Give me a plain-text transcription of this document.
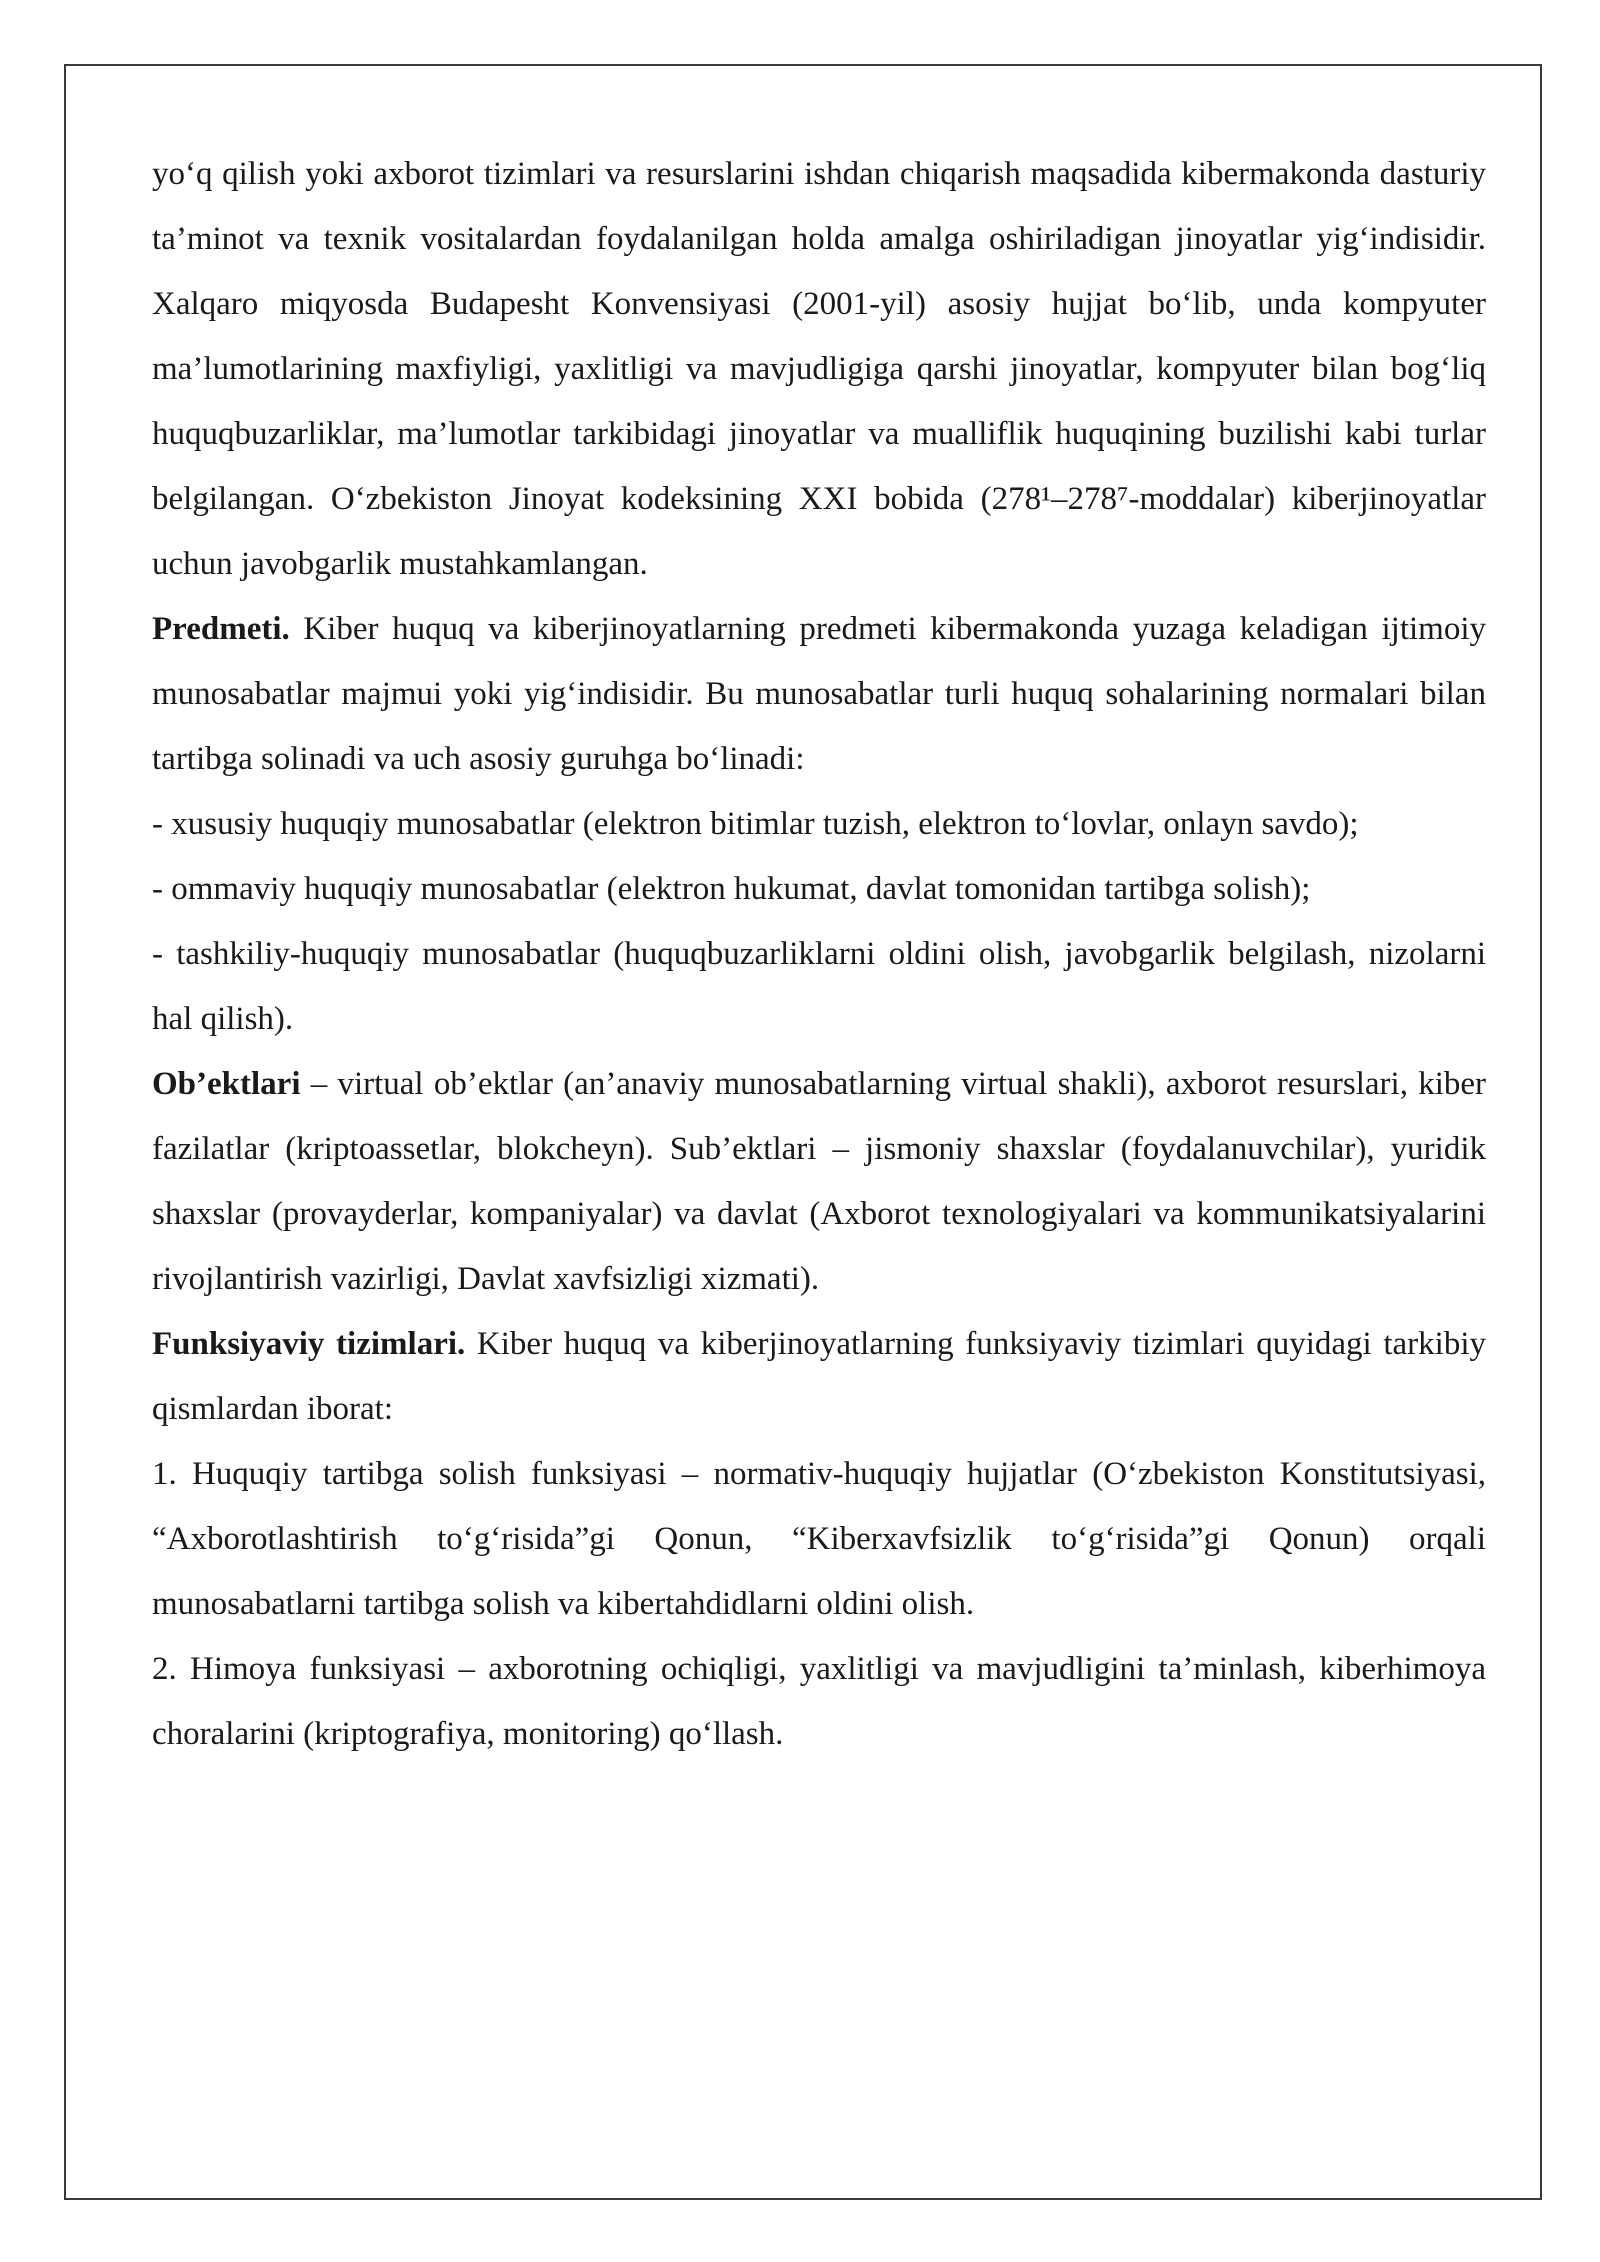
yo‘q qilish yoki axborot tizimlari va resurslarini ishdan chiqarish maqsadida kibermakonda dasturiy ta’minot va texnik vositalardan foydalanilgan holda amalga oshiriladigan jinoyatlar yig‘indisidir. Xalqaro miqyosda Budapesht Konvensiyasi (2001-yil) asosiy hujjat bo‘lib, unda kompyuter ma’lumotlarining maxfiyligi, yaxlitligi va mavjudligiga qarshi jinoyatlar, kompyuter bilan bog‘liq huquqbuzarliklar, ma’lumotlar tarkibidagi jinoyatlar va mualliflik huquqining buzilishi kabi turlar belgilangan. O‘zbekiston Jinoyat kodeksining XXI bobida (278¹–278⁷-moddalar) kiberjinoyatlar uchun javobgarlik mustahkamlangan.

Predmeti. Kiber huquq va kiberjinoyatlarning predmeti kibermakonda yuzaga keladigan ijtimoiy munosabatlar majmui yoki yig‘indisidir. Bu munosabatlar turli huquq sohalarining normalari bilan tartibga solinadi va uch asosiy guruhga bo‘linadi:

- xususiy huquqiy munosabatlar (elektron bitimlar tuzish, elektron to‘lovlar, onlayn savdo);

- ommaviy huquqiy munosabatlar (elektron hukumat, davlat tomonidan tartibga solish);

- tashkiliy-huquqiy munosabatlar (huquqbuzarliklarni oldini olish, javobgarlik belgilash, nizolarni hal qilish).

Ob’ektlari – virtual ob’ektlar (an’anaviy munosabatlarning virtual shakli), axborot resurslari, kiber fazilatlar (kriptoassetlar, blokcheyn). Sub’ektlari – jismoniy shaxslar (foydalanuvchilar), yuridik shaxslar (provayderlar, kompaniyalar) va davlat (Axborot texnologiyalari va kommunikatsiyalarini rivojlantirish vazirligi, Davlat xavfsizligi xizmati).

Funksiyaviy tizimlari. Kiber huquq va kiberjinoyatlarning funksiyaviy tizimlari quyidagi tarkibiy qismlardan iborat:

1. Huquqiy tartibga solish funksiyasi – normativ-huquqiy hujjatlar (O‘zbekiston Konstitutsiyasi, “Axborotlashtirish to‘g‘risida”gi Qonun, “Kiberxavfsizlik to‘g‘risida”gi Qonun) orqali munosabatlarni tartibga solish va kibertahdidlarni oldini olish.

2. Himoya funksiyasi – axborotning ochiqligi, yaxlitligi va mavjudligini ta’minlash, kiberhimoya choralarini (kriptografiya, monitoring) qo‘llash.
